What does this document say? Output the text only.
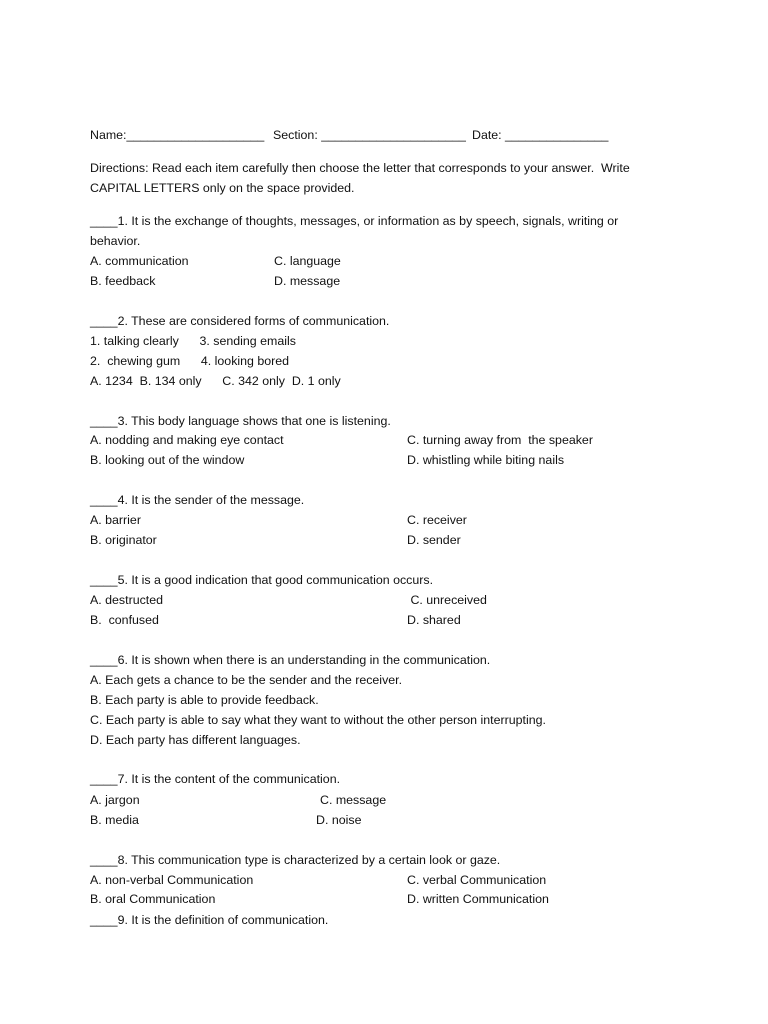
Name:____________________ Section: _____________________ Date: _______________
Directions: Read each item carefully then choose the letter that corresponds to your answer.  Write
CAPITAL LETTERS only on the space provided.
____1. It is the exchange of thoughts, messages, or information as by speech, signals, writing or
behavior.
A. communication	C. language
B. feedback	D. message
____2. These are considered forms of communication.
1. talking clearly      3. sending emails
2.  chewing gum      4. looking bored
A. 1234  B. 134 only      C. 342 only  D. 1 only
____3. This body language shows that one is listening.
A. nodding and making eye contact	C. turning away from  the speaker
B. looking out of the window	D. whistling while biting nails
____4. It is the sender of the message.
A. barrier	C. receiver
B. originator	D. sender
____5. It is a good indication that good communication occurs.
A. destructed	C. unreceived
B.  confused	D. shared
____6. It is shown when there is an understanding in the communication.
A. Each gets a chance to be the sender and the receiver.
B. Each party is able to provide feedback.
C. Each party is able to say what they want to without the other person interrupting.
D. Each party has different languages.
____7. It is the content of the communication.
A. jargon	C. message
B. media	D. noise
____8. This communication type is characterized by a certain look or gaze.
A. non-verbal Communication	C. verbal Communication
B. oral Communication	D. written Communication
____9. It is the definition of communication.
